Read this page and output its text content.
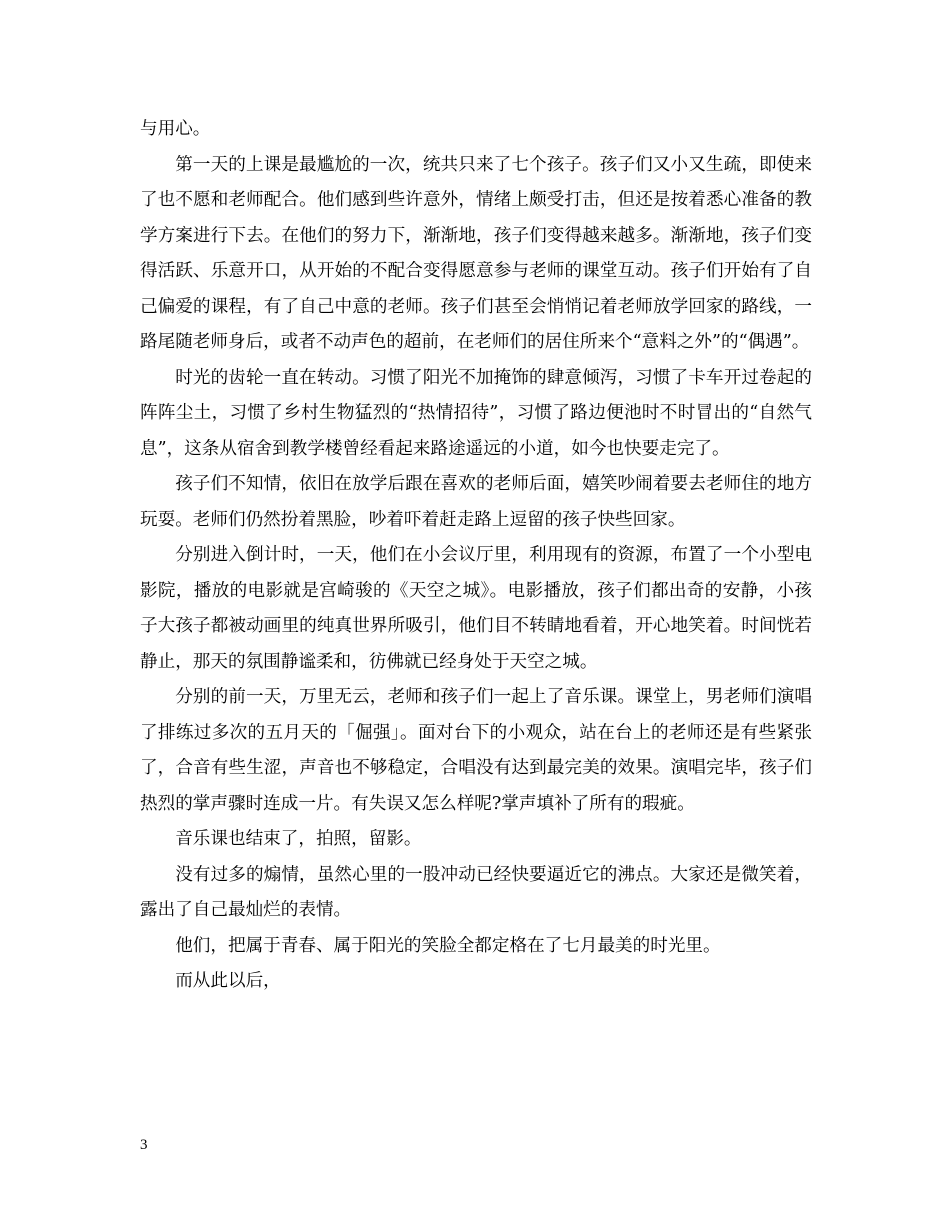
与用心。

第一天的上课是最尴尬的一次，统共只来了七个孩子。孩子们又小又生疏，即使来了也不愿和老师配合。他们感到些许意外，情绪上颇受打击，但还是按着悉心准备的教学方案进行下去。在他们的努力下，渐渐地，孩子们变得越来越多。渐渐地，孩子们变得活跃、乐意开口，从开始的不配合变得愿意参与老师的课堂互动。孩子们开始有了自己偏爱的课程，有了自己中意的老师。孩子们甚至会悄悄记着老师放学回家的路线，一路尾随老师身后，或者不动声色的超前，在老师们的居住所来个“意料之外”的“偶遇”。

时光的齿轮一直在转动。习惯了阳光不加掩饰的肆意倾泻，习惯了卡车开过卷起的阵阵尘土，习惯了乡村生物猛烈的“热情招待”，习惯了路边便池时不时冒出的“自然气息”，这条从宿舍到教学楼曾经看起来路途遥远的小道，如今也快要走完了。

孩子们不知情，依旧在放学后跟在喜欢的老师后面，嬉笑吵闹着要去老师住的地方玩耍。老师们仍然扮着黑脸，吵着吓着赶走路上逗留的孩子快些回家。

分别进入倒计时，一天，他们在小会议厅里，利用现有的资源，布置了一个小型电影院，播放的电影就是宫崎骏的《天空之城》。电影播放，孩子们都出奇的安静，小孩子大孩子都被动画里的纯真世界所吸引，他们目不转睛地看着，开心地笑着。时间恍若静止，那天的氛围静谧柔和，彷佛就已经身处于天空之城。

分别的前一天，万里无云，老师和孩子们一起上了音乐课。课堂上，男老师们演唱了排练过多次的五月天的「倔强」。面对台下的小观众，站在台上的老师还是有些紧张了，合音有些生涩，声音也不够稳定，合唱没有达到最完美的效果。演唱完毕，孩子们热烈的掌声骤时连成一片。有失误又怎么样呢?掌声填补了所有的瑕疵。

音乐课也结束了，拍照，留影。

没有过多的煽情，虽然心里的一股冲动已经快要逼近它的沸点。大家还是微笑着，露出了自己最灿烂的表情。

他们，把属于青春、属于阳光的笑脸全都定格在了七月最美的时光里。

而从此以后，

3
